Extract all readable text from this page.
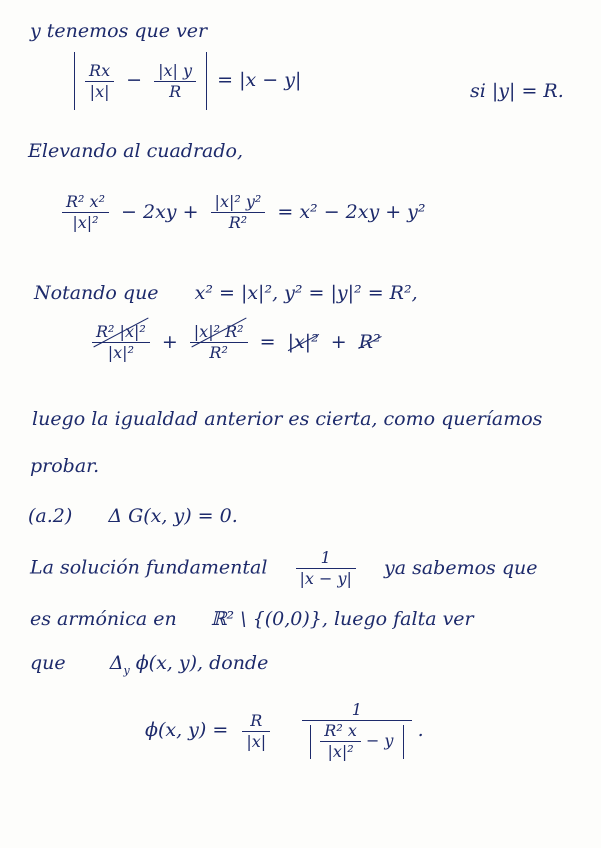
y tenemos que ver

$\frac{Rx}{|x|} - \frac{|x| y}{R} = |x - y|$	si |y| = R.
Elevando al cuadrado,
$\frac{\text{R² x²}}{\text{|x|²}} - 2xy + \frac{\text{|x|² y²}}{\text{R²}} = x^2 - 2xy + y^2$
Notando que x² = |x|², y² = |y|² = R²,
$\frac{\text{R² |x|²}}{\text{|x|²}} + \frac{\text{|x|² R²}}{\text{R²}} = |x|^2 + R^2$
luego la igualdad anterior es cierta, como queríamos
probar.
(a.2) Δ G(x, y) = 0.
La solución fundamental $\frac{1}{|x - y|}$ ya sabemos que
es armónica en ℝ² \ {(0,0)}, luego falta ver
que $\Delta_y$ ϕ(x, y), donde
ϕ(x, $y) = \frac{R}{|x|}$
$\frac{1}{\frac{\text{R² x}}{\text{|x|²}} - y}$ .
